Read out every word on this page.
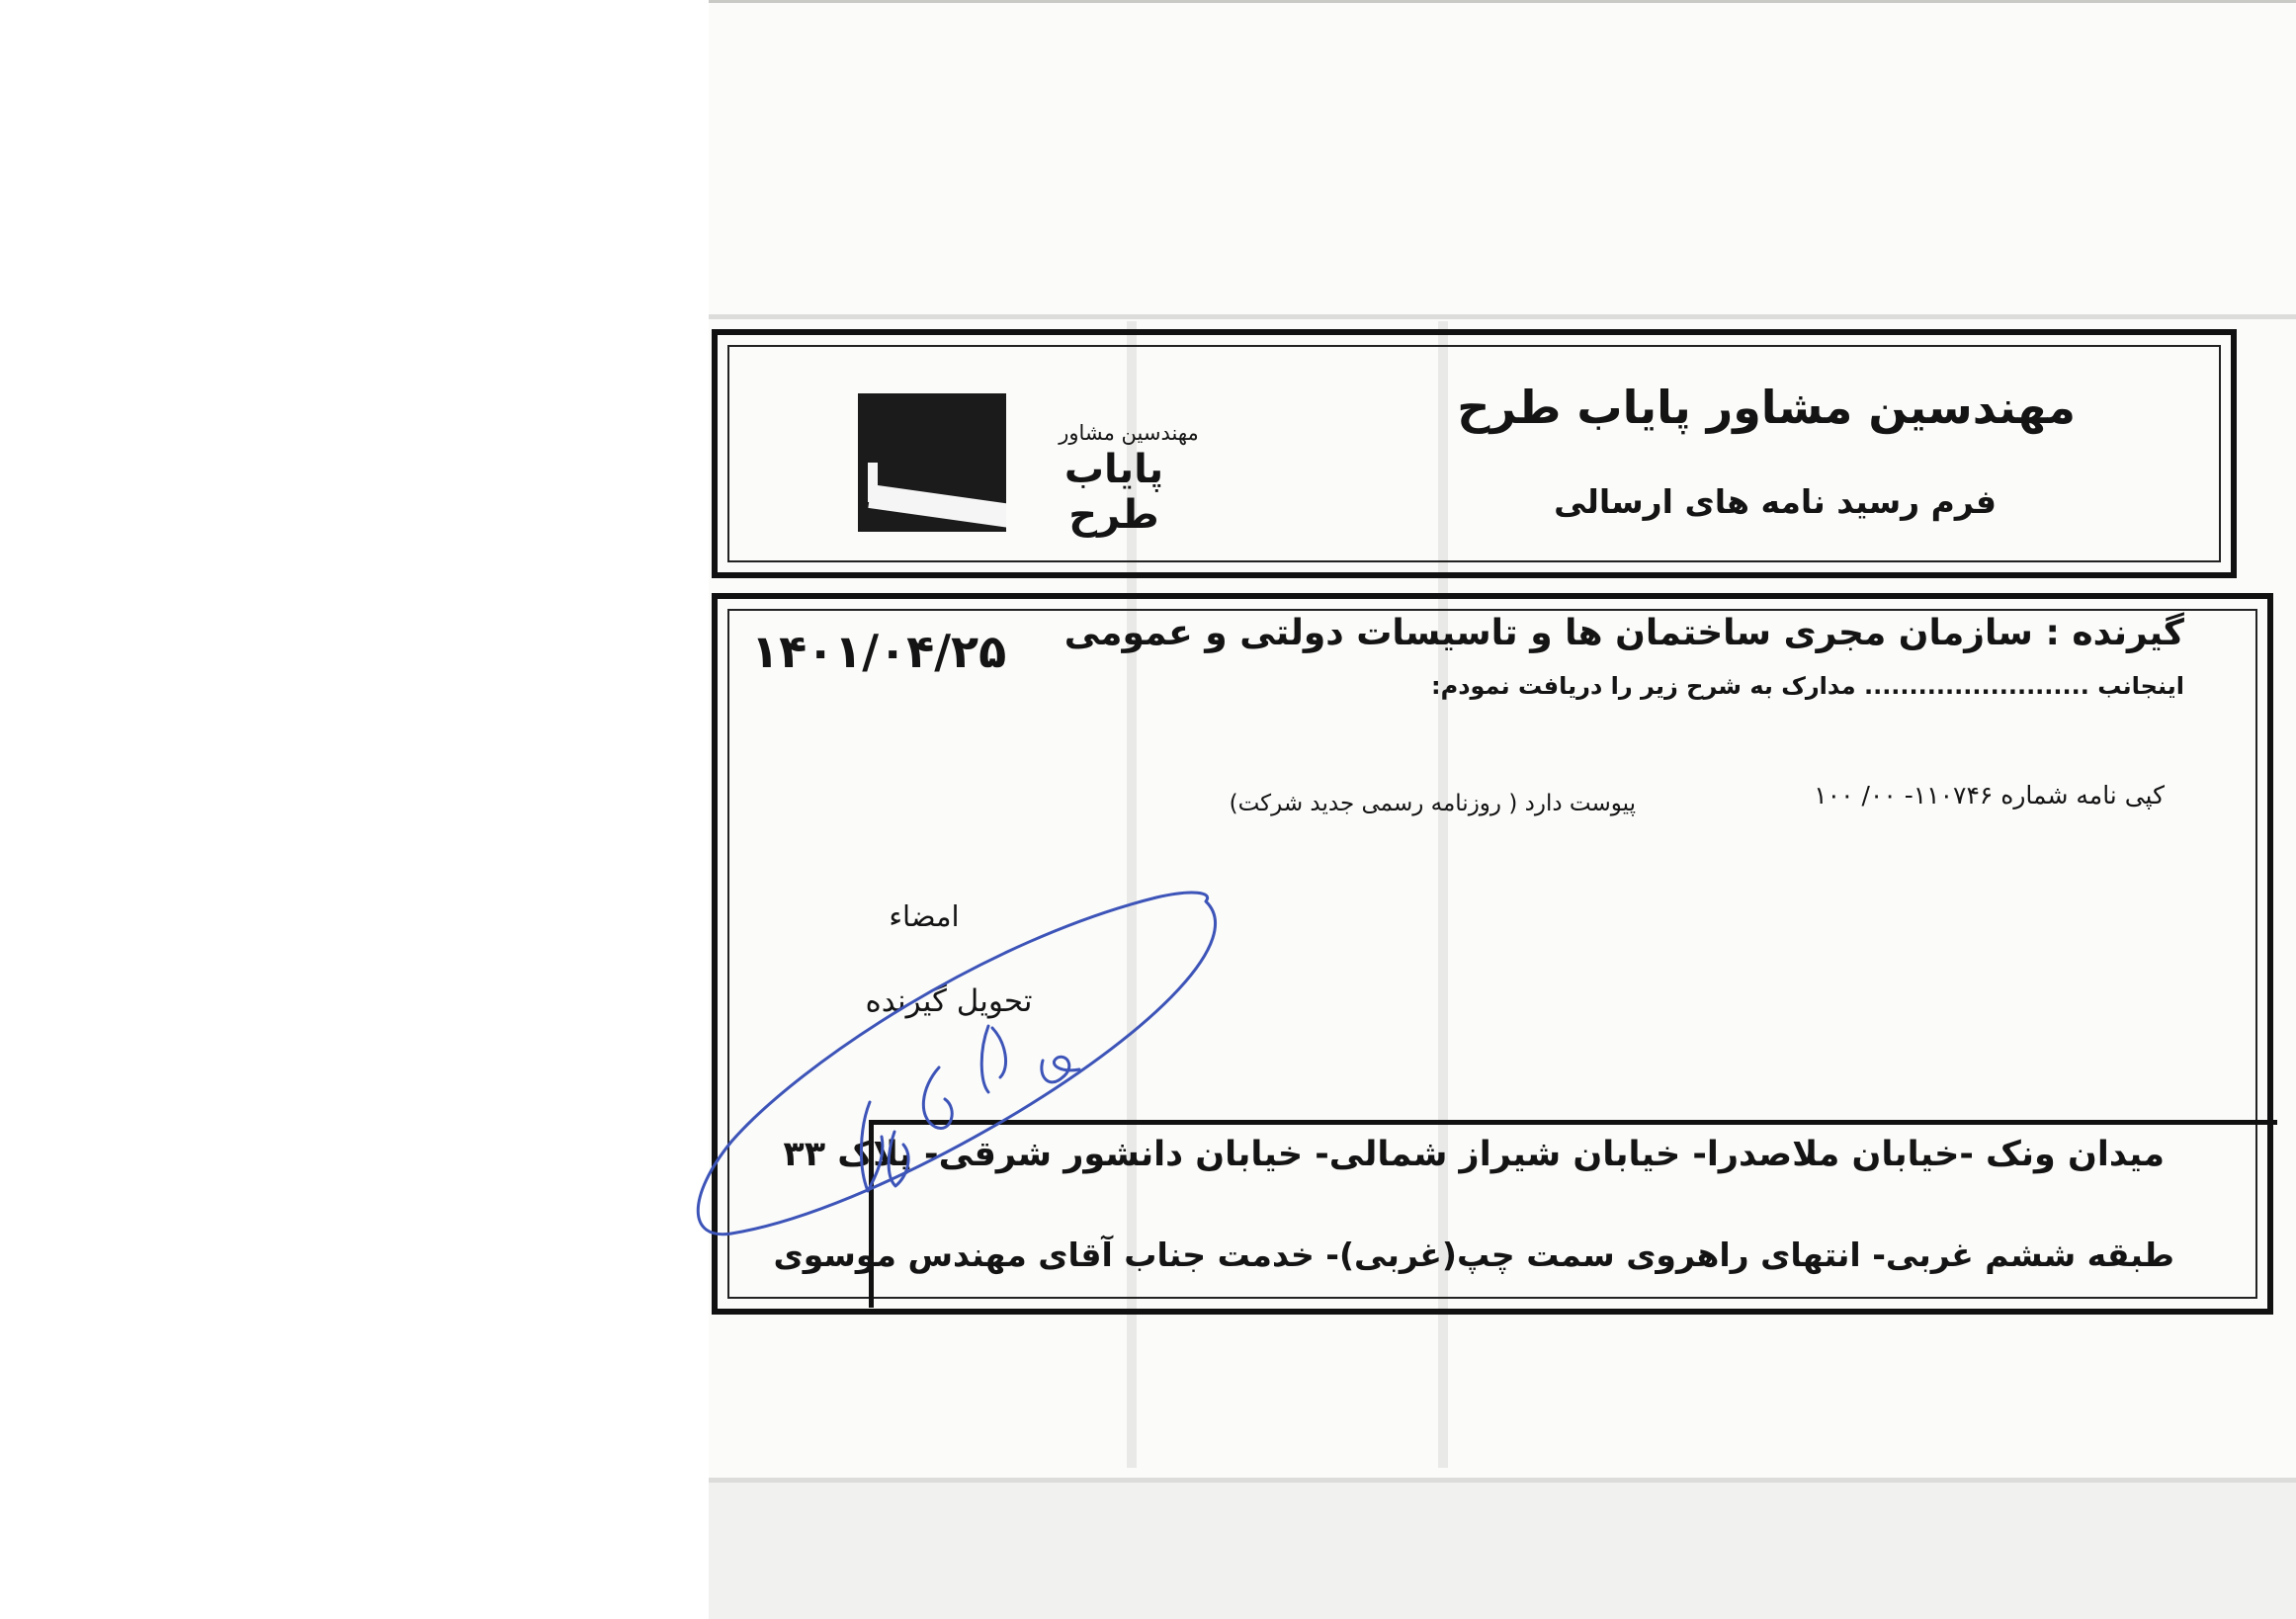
مهندسین مشاور
پایاب طرح
مهندسین مشاور پایاب طرح
فرم رسید نامه های ارسالی
۱۴۰۱/۰۴/۲۵ گیرنده : سازمان مجری ساختمان ها و تاسیسات دولتی و عمومی
اینجانب ......................... مدارک به شرح زیر را دریافت نمودم:
کپی نامه شماره ۱۱۰۷۴۶- ۰۰/ ۱۰۰
پیوست دارد ( روزنامه رسمی جدید شرکت)
امضاء
تحویل گیرنده
میدان ونک -خیابان ملاصدرا- خیابان شیراز شمالی- خیابان دانشور شرقی- پلاک ۳۳
طبقه ششم غربی- انتهای راهروی سمت چپ(غربی)- خدمت جناب آقای مهندس موسوی
